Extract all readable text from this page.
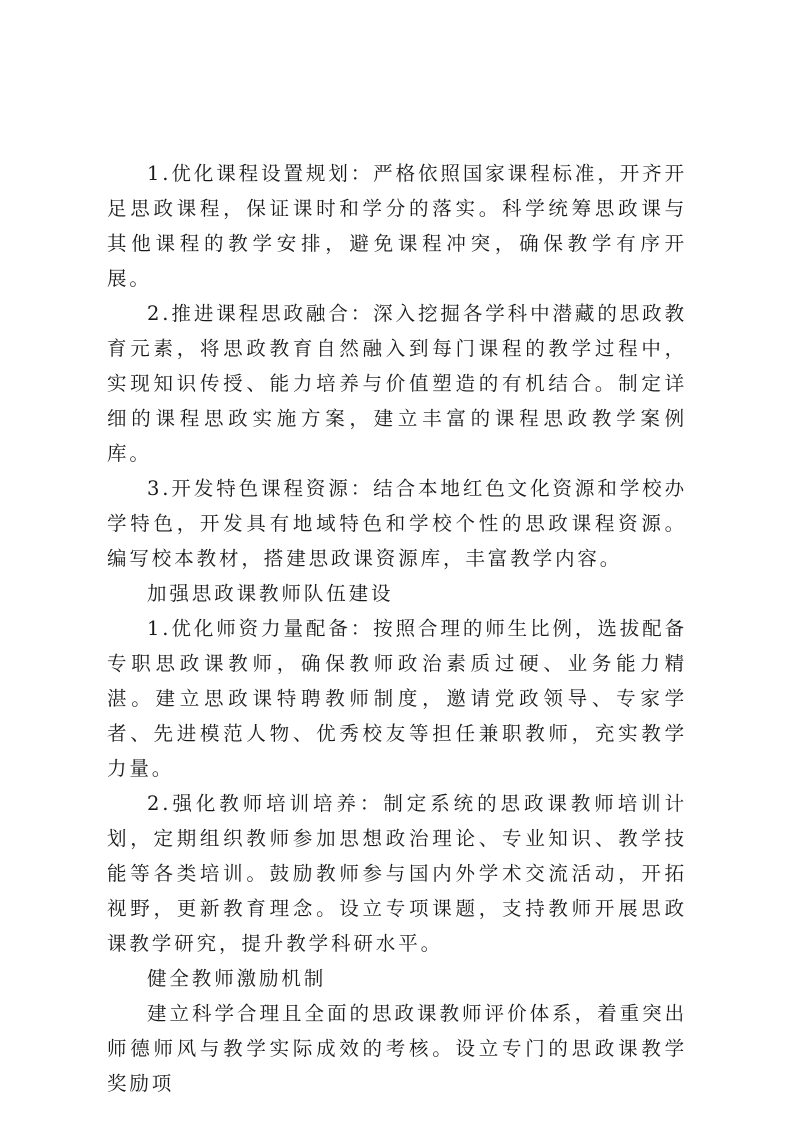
1.优化课程设置规划：严格依照国家课程标准，开齐开足思政课程，保证课时和学分的落实。科学统筹思政课与其他课程的教学安排，避免课程冲突，确保教学有序开展。

2.推进课程思政融合：深入挖掘各学科中潜藏的思政教育元素，将思政教育自然融入到每门课程的教学过程中，实现知识传授、能力培养与价值塑造的有机结合。制定详细的课程思政实施方案，建立丰富的课程思政教学案例库。

3.开发特色课程资源：结合本地红色文化资源和学校办学特色，开发具有地域特色和学校个性的思政课程资源。编写校本教材，搭建思政课资源库，丰富教学内容。

加强思政课教师队伍建设

1.优化师资力量配备：按照合理的师生比例，选拔配备专职思政课教师，确保教师政治素质过硬、业务能力精湛。建立思政课特聘教师制度，邀请党政领导、专家学者、先进模范人物、优秀校友等担任兼职教师，充实教学力量。

2.强化教师培训培养：制定系统的思政课教师培训计划，定期组织教师参加思想政治理论、专业知识、教学技能等各类培训。鼓励教师参与国内外学术交流活动，开拓视野，更新教育理念。设立专项课题，支持教师开展思政课教学研究，提升教学科研水平。

健全教师激励机制

建立科学合理且全面的思政课教师评价体系，着重突出师德师风与教学实际成效的考核。设立专门的思政课教学奖励项
